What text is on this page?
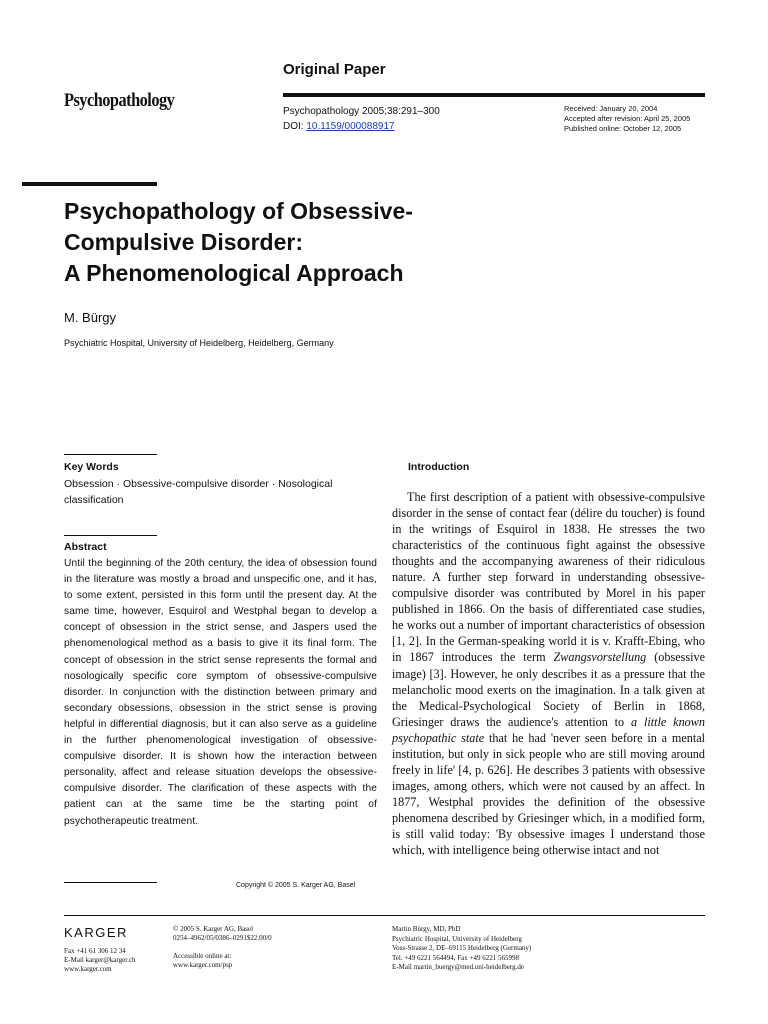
Psychopathology
Original Paper
Psychopathology 2005;38:291–300
DOI: 10.1159/000088917
Received: January 20, 2004
Accepted after revision: April 25, 2005
Published online: October 12, 2005
Psychopathology of Obsessive-
Compulsive Disorder:
A Phenomenological Approach
M. Bürgy
Psychiatric Hospital, University of Heidelberg, Heidelberg, Germany
Key Words
Obsession · Obsessive-compulsive disorder · Nosological classification
Abstract
Until the beginning of the 20th century, the idea of obsession found in the literature was mostly a broad and unspecific one, and it has, to some extent, persisted in this form until the present day. At the same time, however, Esquirol and Westphal began to develop a concept of obsession in the strict sense, and Jaspers used the phenomenological method as a basis to give it its final form. The concept of obsession in the strict sense represents the formal and nosologically specific core symptom of obsessive-compulsive disorder. In conjunction with the distinction between primary and secondary obsessions, obsession in the strict sense is proving helpful in differential diagnosis, but it can also serve as a guideline in the further phenomenological investigation of obsessive-compulsive disorder. It is shown how the interaction between personality, affect and release situation develops the obsessive-compulsive disorder. The clarification of these aspects with the patient can at the same time be the starting point of psychotherapeutic treatment.
Copyright © 2005 S. Karger AG, Basel
Introduction

The first description of a patient with obsessive-compulsive disorder in the sense of contact fear (délire du toucher) is found in the writings of Esquirol in 1838. He stresses the two characteristics of the continuous fight against the obsessive thoughts and the accompanying awareness of their ridiculous nature. A further step forward in understanding obsessive-compulsive disorder was contributed by Morel in his paper published in 1866. On the basis of differentiated case studies, he works out a number of important characteristics of obsession [1, 2]. In the German-speaking world it is v. Krafft-Ebing, who in 1867 introduces the term Zwangsvorstellung (obsessive image) [3]. However, he only describes it as a pressure that the melancholic mood exerts on the imagination. In a talk given at the Medical-Psychological Society of Berlin in 1868, Griesinger draws the audience's attention to a little known psychopathic state that he had 'never seen before in a mental institution, but only in sick people who are still moving around freely in life' [4, p. 626]. He describes 3 patients with obsessive images, among others, which were not caused by an affect. In 1877, Westphal provides the definition of the obsessive phenomena described by Griesinger which, in a modified form, is still valid today: 'By obsessive images I understand those which, with intelligence being otherwise intact and not

KARGER
Fax +41 61 306 12 34
E-Mail karger@karger.ch
www.karger.com
© 2005 S. Karger AG, Basel
0254–4962/05/0386–0291$22.00/0
Accessible online at:
www.karger.com/psp
Martin Bürgy, MD, PhD
Psychiatric Hospital, University of Heidelberg
Voss-Strasse 2, DE–69115 Heidelberg (Germany)
Tel. +49 6221 564494, Fax +49 6221 565998
E-Mail martin_buergy@med.uni-heidelberg.de
